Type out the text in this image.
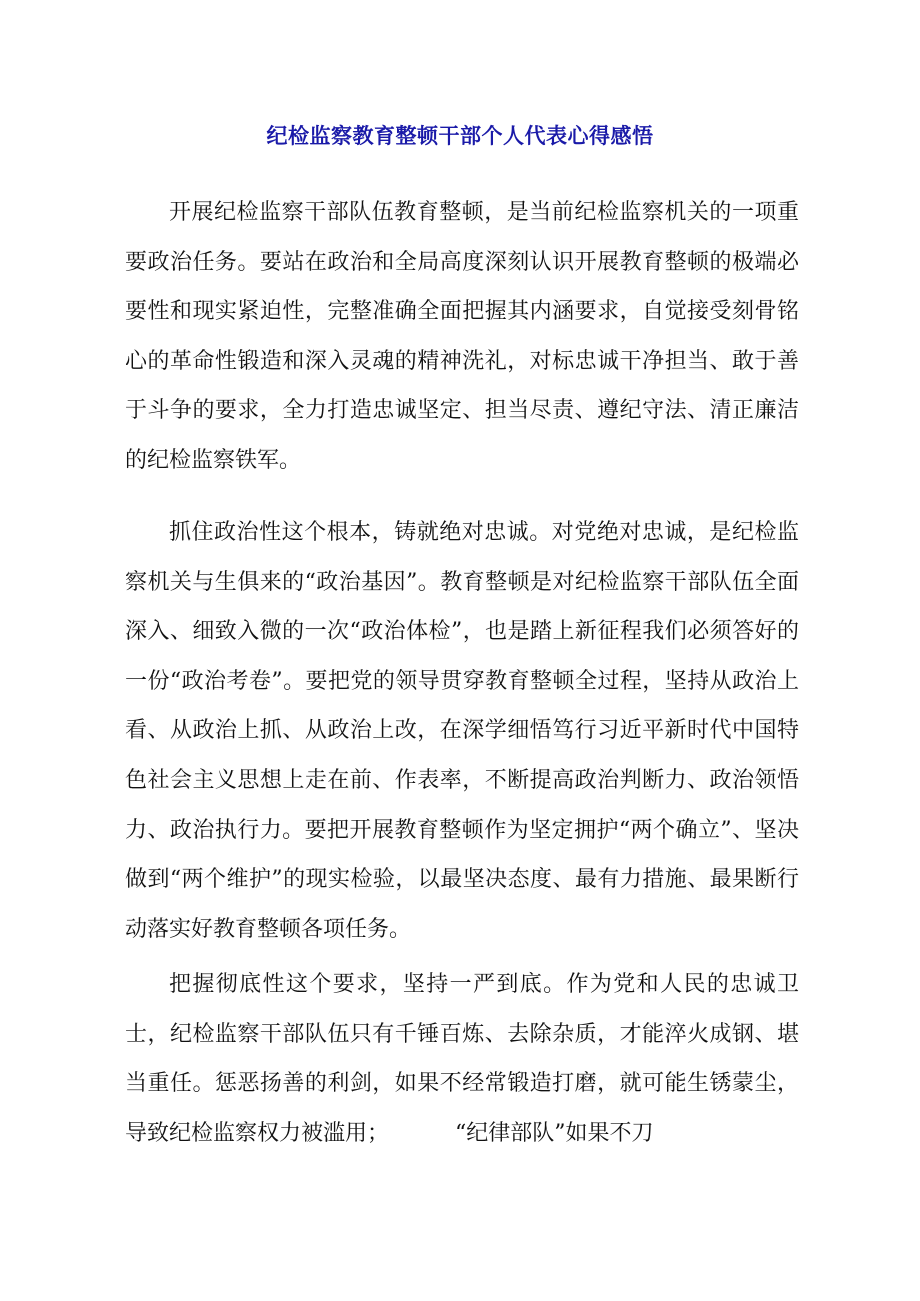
纪检监察教育整顿干部个人代表心得感悟

开展纪检监察干部队伍教育整顿，是当前纪检监察机关的一项重要政治任务。要站在政治和全局高度深刻认识开展教育整顿的极端必要性和现实紧迫性，完整准确全面把握其内涵要求，自觉接受刻骨铭心的革命性锻造和深入灵魂的精神洗礼，对标忠诚干净担当、敢于善于斗争的要求，全力打造忠诚坚定、担当尽责、遵纪守法、清正廉洁的纪检监察铁军。

抓住政治性这个根本，铸就绝对忠诚。对党绝对忠诚，是纪检监察机关与生俱来的“政治基因”。教育整顿是对纪检监察干部队伍全面深入、细致入微的一次“政治体检”，也是踏上新征程我们必须答好的一份“政治考卷”。要把党的领导贯穿教育整顿全过程，坚持从政治上看、从政治上抓、从政治上改，在深学细悟笃行习近平新时代中国特色社会主义思想上走在前、作表率，不断提高政治判断力、政治领悟力、政治执行力。要把开展教育整顿作为坚定拥护“两个确立”、坚决做到“两个维护”的现实检验，以最坚决态度、最有力措施、最果断行动落实好教育整顿各项任务。

把握彻底性这个要求，坚持一严到底。作为党和人民的忠诚卫士，纪检监察干部队伍只有千锤百炼、去除杂质，才能淬火成钢、堪当重任。惩恶扬善的利剑，如果不经常锻造打磨，就可能生锈蒙尘，导致纪检监察权力被滥用；	“纪律部队”如果不刀
